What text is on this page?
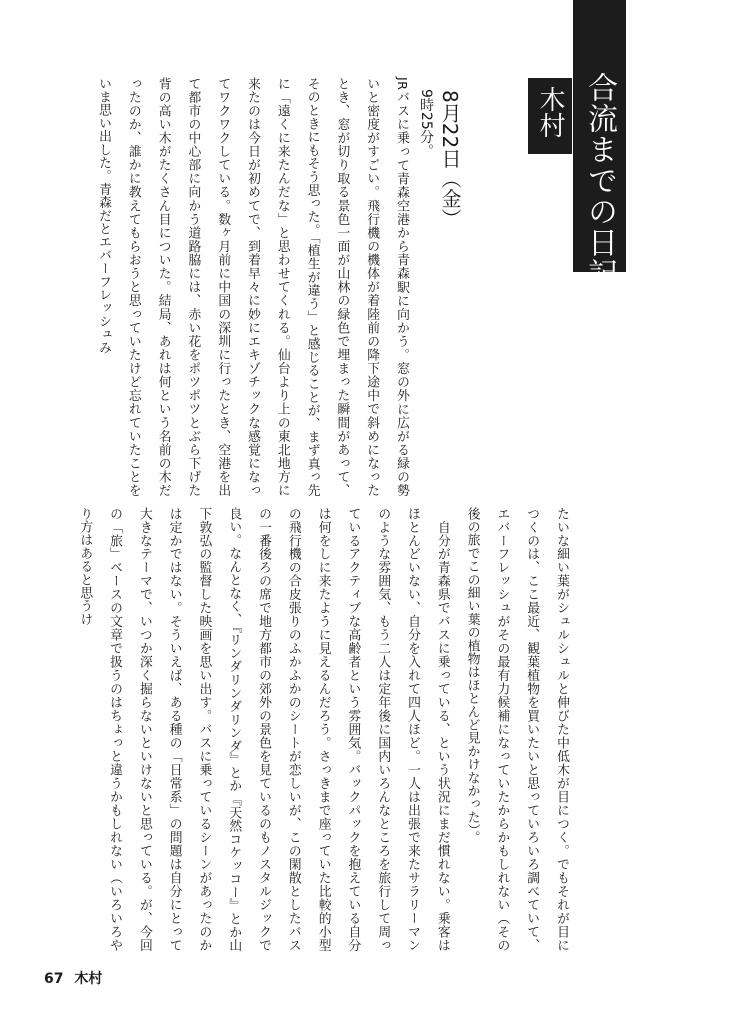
合流までの日記
木村
8月22日（金）
9時25分。
JRバスに乗って青森空港から青森駅に向かう。窓の外に広がる緑の勢いと密度がすごい。飛行機の機体が着陸前の降下途中で斜めになったとき、窓が切り取る景色一面が山林の緑色で埋まった瞬間があって、そのときにもそう思った。「植生が違う」と感じることが、まず真っ先に「遠くに来たんだな」と思わせてくれる。仙台より上の東北地方に来たのは今日が初めてで、到着早々に妙にエキゾチックな感覚になってワクワクしている。数ヶ月前に中国の深圳に行ったとき、空港を出て都市の中心部に向かう道路脇には、赤い花をポツポツとぶら下げた背の高い木がたくさん目についた。結局、あれは何という名前の木だったのか、誰かに教えてもらおうと思っていたけど忘れていたことをいま思い出した。青森だとエバーフレッシュみ
たいな細い葉がシュルシュルと伸びた中低木が目につく。でもそれが目につくのは、ここ最近、観葉植物を買いたいと思っていろいろ調べていて、エバーフレッシュがその最有力候補になっていたからかもしれない（その後の旅でこの細い葉の植物はほとんど見かけなかった）。
　自分が青森県でバスに乗っている、という状況にまだ慣れない。乗客はほとんどいない、自分を入れて四人ほど。一人は出張で来たサラリーマンのような雰囲気、もう二人は定年後に国内いろんなところを旅行して周っているアクティブな高齢者という雰囲気。バックパックを抱えている自分は何をしに来たように見えるんだろう。さっきまで座っていた比較的小型の飛行機の合皮張りのふかふかのシートが恋しいが、この閑散としたバスの一番後ろの席で地方都市の郊外の景色を見ているのもノスタルジックで良い。なんとなく、『リンダリンダリンダ』とか『天然コケッコー』とか山下敦弘の監督した映画を思い出す。バスに乗っているシーンがあったのかは定かではない。そういえば、ある種の「日常系」の問題は自分にとって大きなテーマで、いつか深く掘らないといけないと思っている。が、今回の「旅」ベースの文章で扱うのはちょっと違うかもしれない（いろいろやり方はあると思うけ
67 木村
